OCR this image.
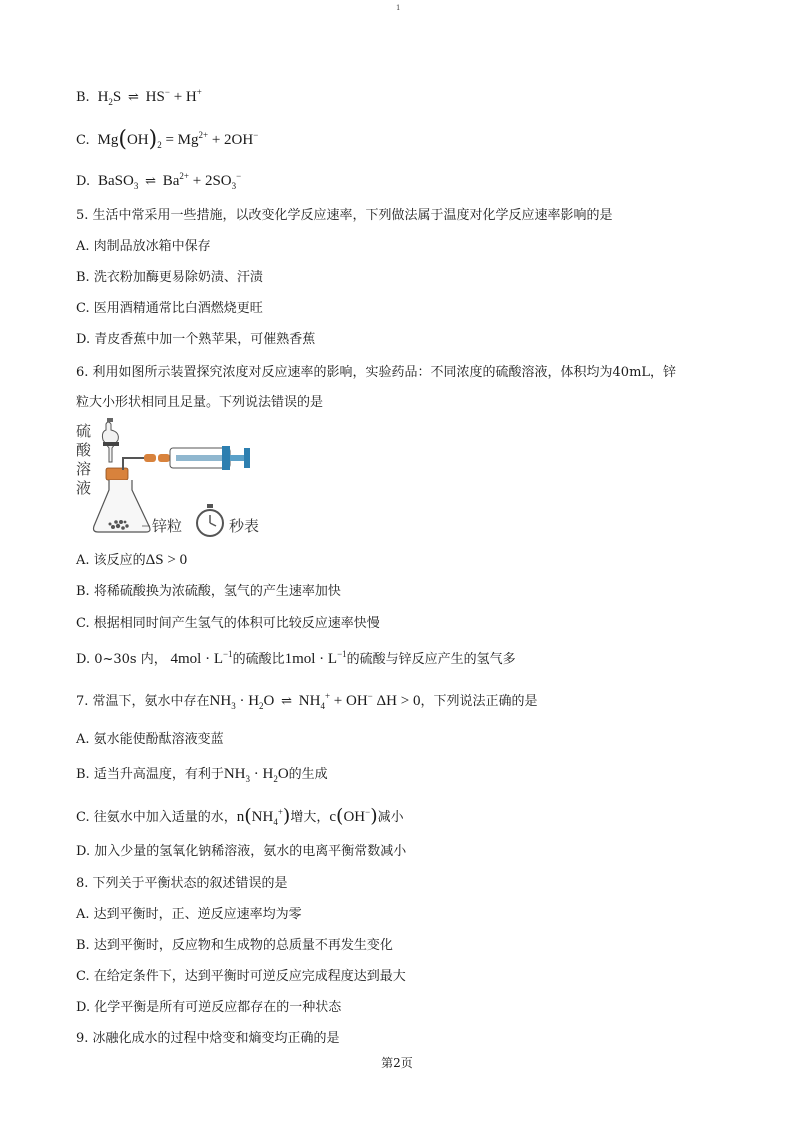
1
B.  $H_2S$ ⇌ HS− + H+
C.  $Mg(OH)_2 = Mg^{2+} + 2OH^-$
D.  BaSO$_3$ ⇌ $Ba^{2+} + 2SO_3^-$
5. 生活中常采用一些措施，以改变化学反应速率，下列做法属于温度对化学反应速率影响的是
A. 肉制品放冰箱中保存
B. 洗衣粉加酶更易除奶渍、汗渍
C. 医用酒精通常比白酒燃烧更旺
D. 青皮香蕉中加一个熟苹果，可催熟香蕉
6. 利用如图所示装置探究浓度对反应速率的影响，实验药品：不同浓度的硫酸溶液，体积均为40mL，锌
粒大小形状相同且足量。下列说法错误的是
硫
酸
溶
液
锌粒	秒表
A. 该反应的ΔS > 0
B. 将稀硫酸换为浓硫酸，氢气的产生速率加快
C. 根据相同时间产生氢气的体积可比较反应速率快慢
D. 0~30s 内， $4mol \cdot L^{-1}$的硫酸比$1mol \cdot L^{-1}$的硫酸与锌反应产生的氢气多
7. 常温下，氨水中存在$NH_3 \cdot H_2O$ ⇌ $NH_4^+ + OH^-$ ΔH > 0，下列说法正确的是
A. 氨水能使酚酞溶液变蓝
B. 适当升高温度，有利于$NH_3 \cdot H_2O$的生成
C. 往氨水中加入适量的水，$n(NH_4^+)$增大，c(OH−)减小
D. 加入少量的氢氧化钠稀溶液，氨水的电离平衡常数减小
8. 下列关于平衡状态的叙述错误的是
A. 达到平衡时，正、逆反应速率均为零
B. 达到平衡时，反应物和生成物的总质量不再发生变化
C. 在给定条件下，达到平衡时可逆反应完成程度达到最大
D. 化学平衡是所有可逆反应都存在的一种状态
9. 冰融化成水的过程中焓变和熵变均正确的是
第2页
